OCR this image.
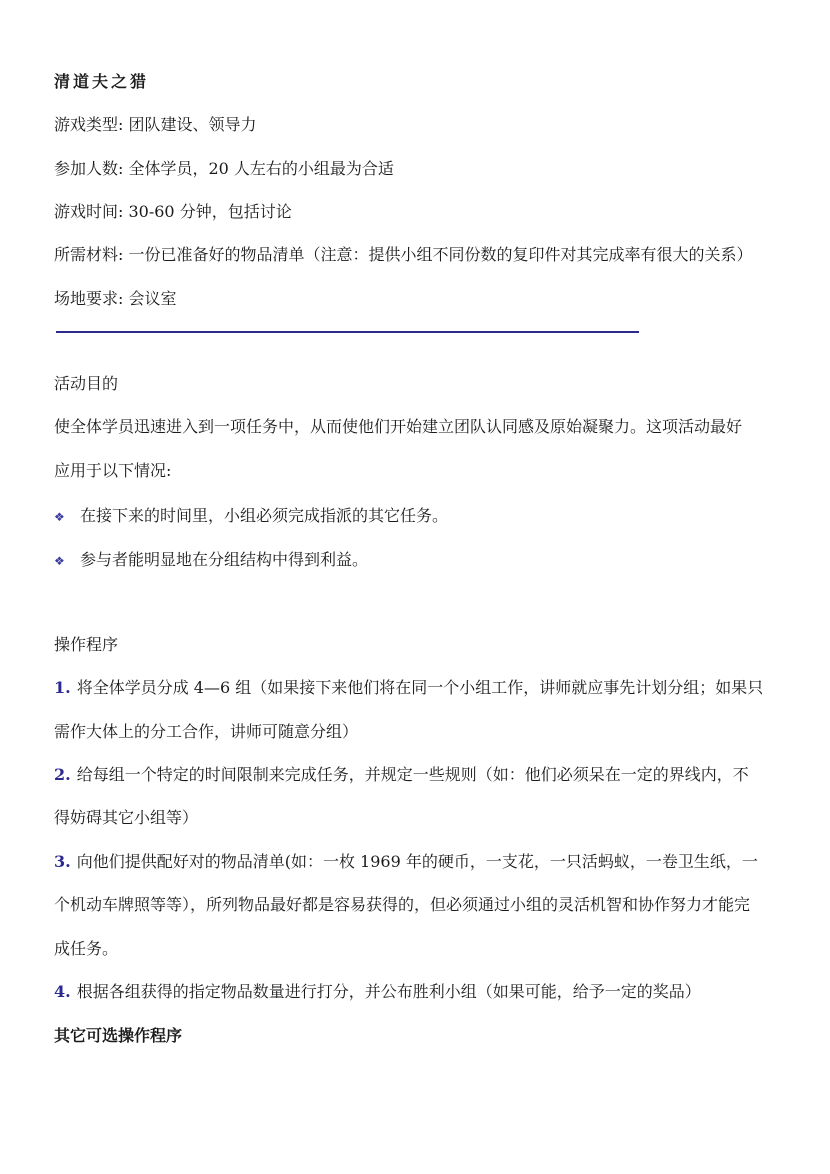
清道夫之猎
游戏类型: 团队建设、领导力
参加人数: 全体学员，20 人左右的小组最为合适
游戏时间: 30-60 分钟，包括讨论
所需材料: 一份已准备好的物品清单（注意：提供小组不同份数的复印件对其完成率有很大的关系）
场地要求: 会议室
活动目的
使全体学员迅速进入到一项任务中，从而使他们开始建立团队认同感及原始凝聚力。这项活动最好
应用于以下情况:
❖ 在接下来的时间里，小组必须完成指派的其它任务。
❖ 参与者能明显地在分组结构中得到利益。
操作程序
1. 将全体学员分成 4—6 组（如果接下来他们将在同一个小组工作，讲师就应事先计划分组；如果只
需作大体上的分工合作，讲师可随意分组）
2. 给每组一个特定的时间限制来完成任务，并规定一些规则（如：他们必须呆在一定的界线内，不
得妨碍其它小组等）
3. 向他们提供配好对的物品清单(如：一枚 1969 年的硬币，一支花，一只活蚂蚁，一卷卫生纸，一
个机动车牌照等等），所列物品最好都是容易获得的，但必须通过小组的灵活机智和协作努力才能完
成任务。
4. 根据各组获得的指定物品数量进行打分，并公布胜利小组（如果可能，给予一定的奖品）
其它可选操作程序
